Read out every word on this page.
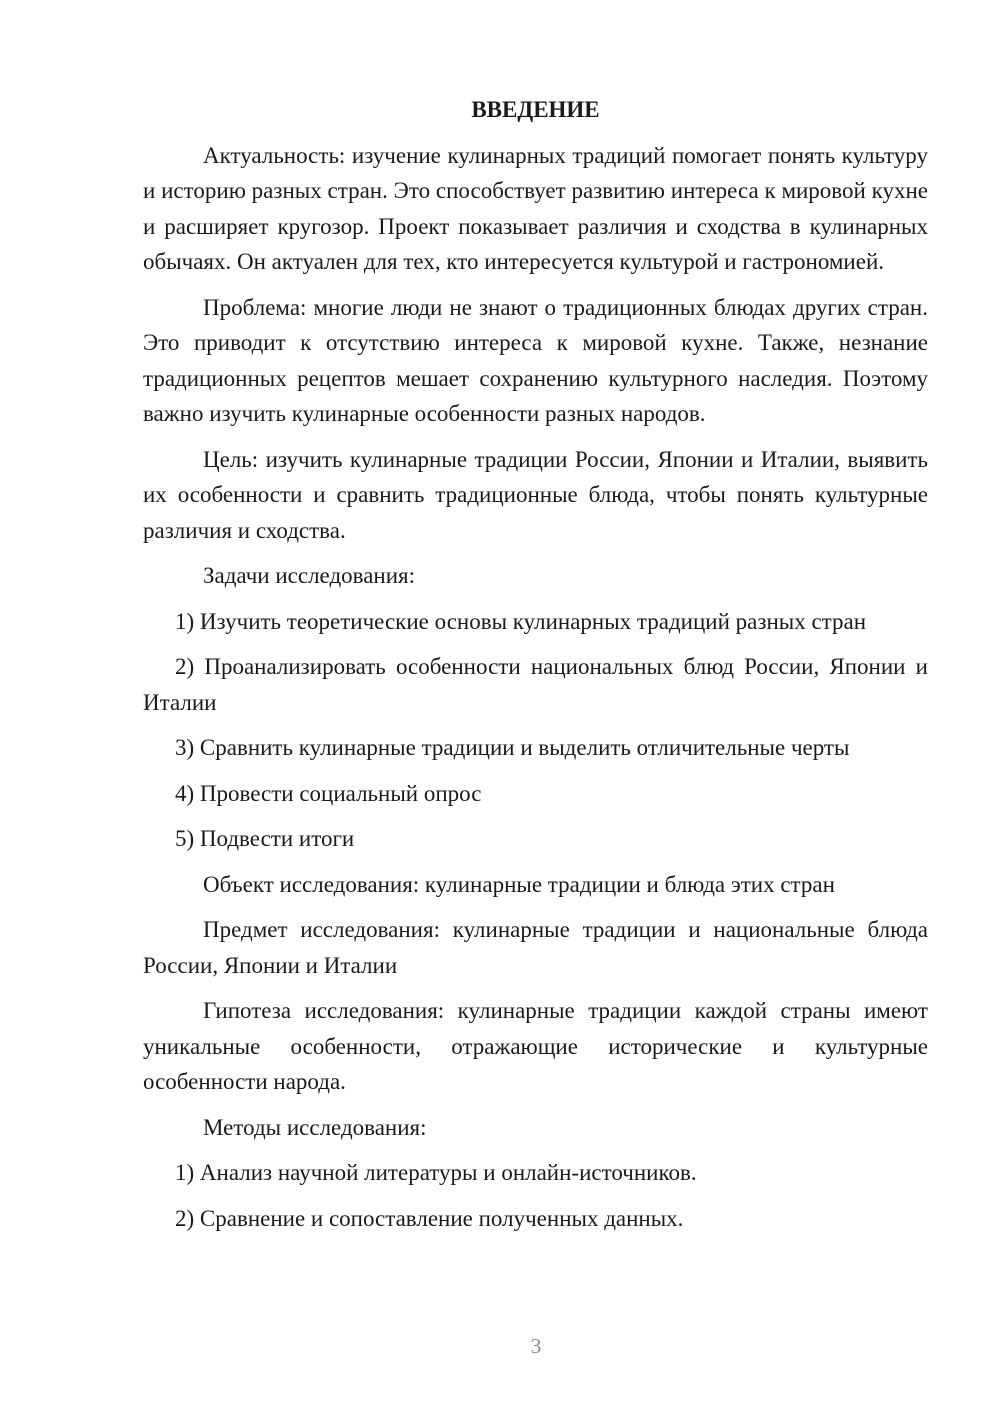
ВВЕДЕНИЕ
Актуальность: изучение кулинарных традиций помогает понять культуру и историю разных стран. Это способствует развитию интереса к мировой кухне и расширяет кругозор. Проект показывает различия и сходства в кулинарных обычаях. Он актуален для тех, кто интересуется культурой и гастрономией.
Проблема: многие люди не знают о традиционных блюдах других стран. Это приводит к отсутствию интереса к мировой кухне. Также, незнание традиционных рецептов мешает сохранению культурного наследия. Поэтому важно изучить кулинарные особенности разных народов.
Цель: изучить кулинарные традиции России, Японии и Италии, выявить их особенности и сравнить традиционные блюда, чтобы понять культурные различия и сходства.
Задачи исследования:
1) Изучить теоретические основы кулинарных традиций разных стран
2) Проанализировать особенности национальных блюд России, Японии и Италии
3) Сравнить кулинарные традиции и выделить отличительные черты
4) Провести социальный опрос
5) Подвести итоги
Объект исследования: кулинарные традиции и блюда этих стран
Предмет исследования: кулинарные традиции и национальные блюда России, Японии и Италии
Гипотеза исследования: кулинарные традиции каждой страны имеют уникальные особенности, отражающие исторические и культурные особенности народа.
Методы исследования:
1) Анализ научной литературы и онлайн-источников.
2) Сравнение и сопоставление полученных данных.
3
